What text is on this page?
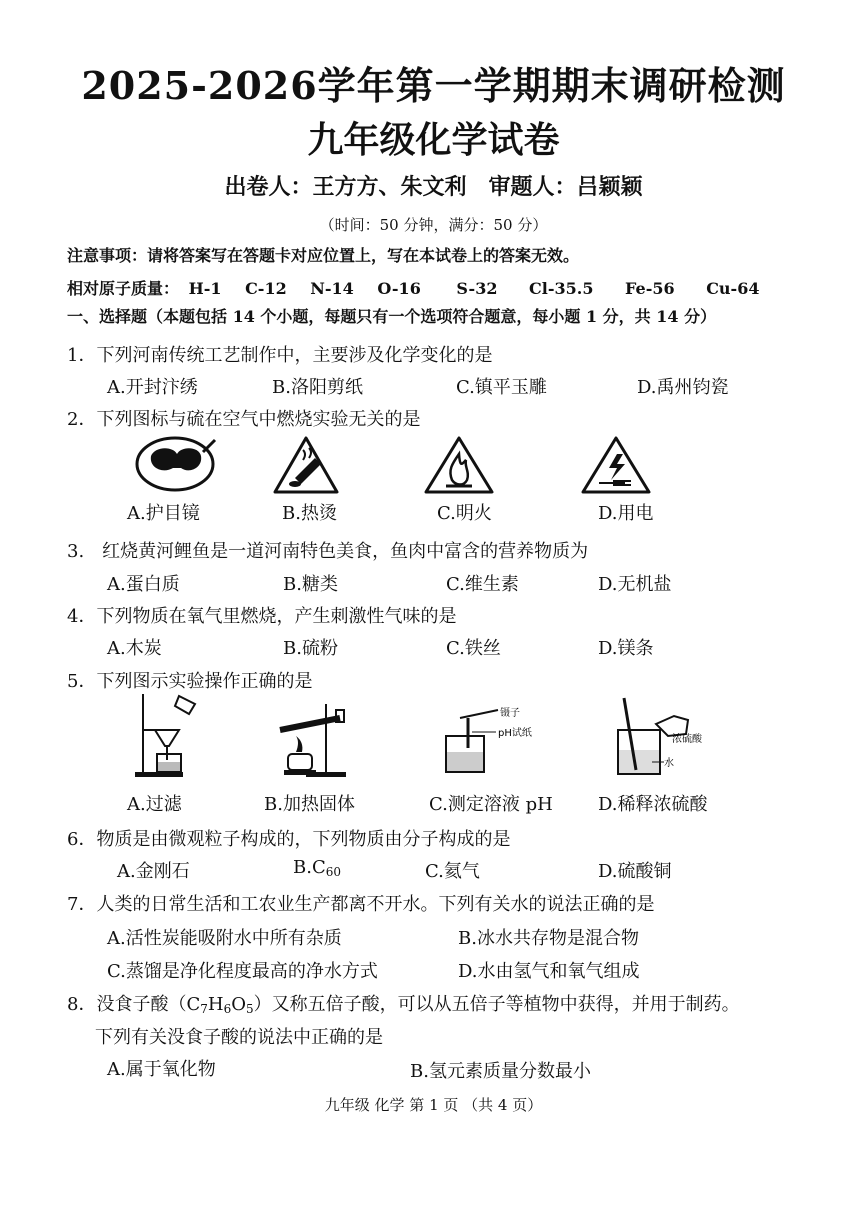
2025-2026学年第一学期期末调研检测
九年级化学试卷
出卷人：王方方、朱文利　审题人：吕颖颖
（时间：50 分钟，满分：50 分）
注意事项：请将答案写在答题卡对应位置上，写在本试卷上的答案无效。
相对原子质量： H-1 C-12 N-14 O-16 S-32 Cl-35.5 Fe-56 Cu-64
一、选择题（本题包括 14 个小题，每题只有一个选项符合题意，每小题 1 分，共 14 分）
1．下列河南传统工艺制作中，主要涉及化学变化的是
A.开封汴绣	B.洛阳剪纸	C.镇平玉雕	D.禹州钧瓷
2．下列图标与硫在空气中燃烧实验无关的是
A.护目镜	B.热烫	C.明火	D.用电
3.　红烧黄河鲤鱼是一道河南特色美食，鱼肉中富含的营养物质为
A.蛋白质	B.糖类	C.维生素	D.无机盐
4．下列物质在氧气里燃烧，产生刺激性气味的是
A.木炭	B.硫粉	C.铁丝	D.镁条
5．下列图示实验操作正确的是
镊子
pH试纸
浓硫酸
水
A.过滤	B.加热固体	C.测定溶液 pH	D.稀释浓硫酸
6．物质是由微观粒子构成的，下列物质由分子构成的是
A.金刚石	$B.C_{60}$	C.氦气	D.硫酸铜
7．人类的日常生活和工农业生产都离不开水。下列有关水的说法正确的是
A.活性炭能吸附水中所有杂质	B.冰水共存物是混合物
C.蒸馏是净化程度最高的净水方式	D.水由氢气和氧气组成
8．没食子酸$(C_7H_6O_5)$又称五倍子酸，可以从五倍子等植物中获得，并用于制药。
下列有关没食子酸的说法中正确的是
A.属于氧化物	B.氢元素质量分数最小
九年级 化学 第 1 页 （共 4 页）
